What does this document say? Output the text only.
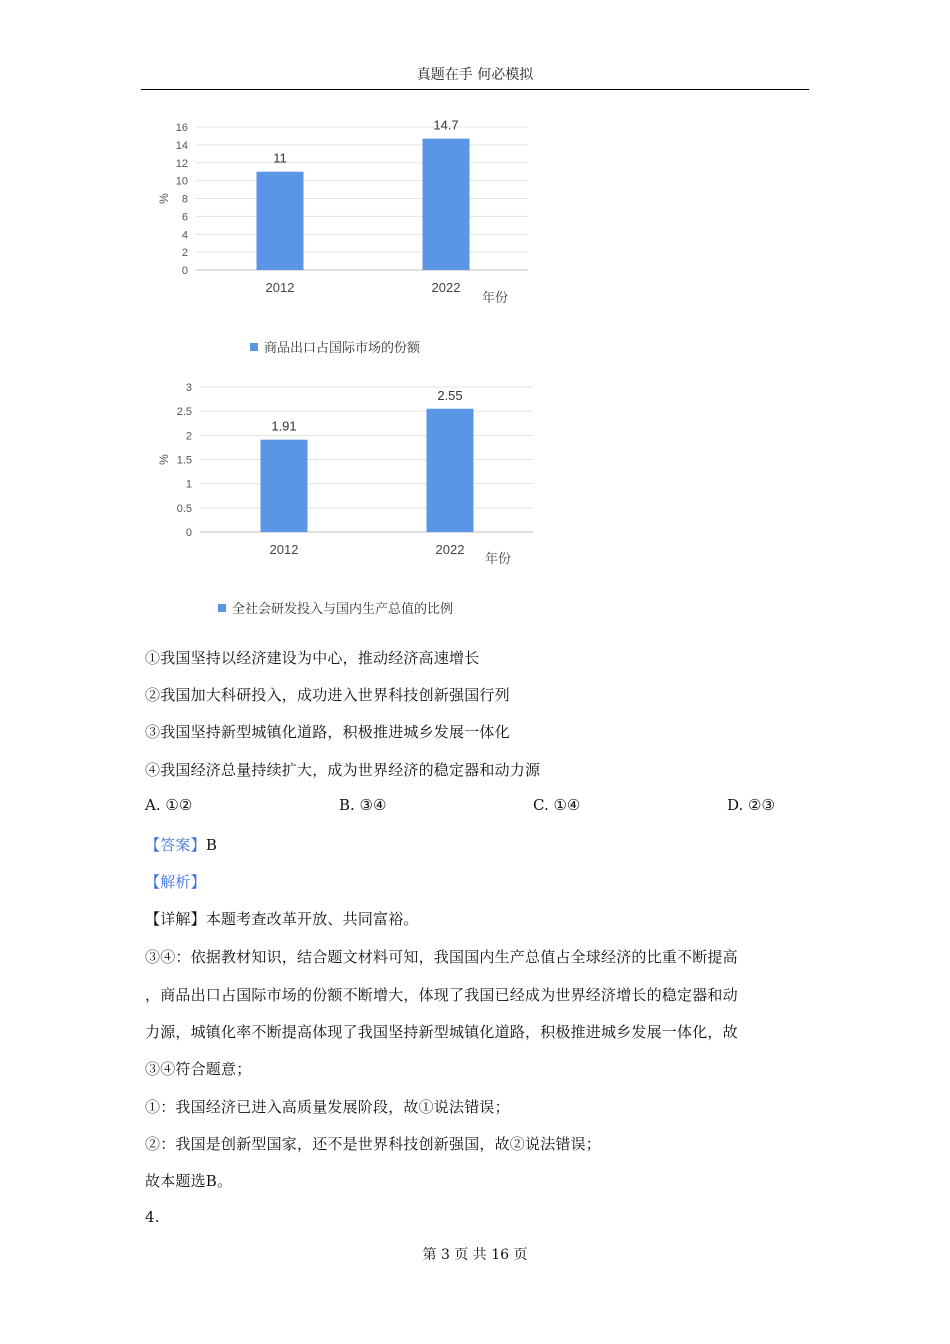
真题在手 何必模拟
0
2
4
6
8
10
12
14
16
%
11
2012
14.7
2022
年份
商品出口占国际市场的份额
0
0.5
1
1.5
2
2.5
3
%
1.91
2012
2.55
2022
年份
全社会研发投入与国内生产总值的比例
①我国坚持以经济建设为中心，推动经济高速增长
②我国加大科研投入，成功进入世界科技创新强国行列
③我国坚持新型城镇化道路，积极推进城乡发展一体化
④我国经济总量持续扩大，成为世界经济的稳定器和动力源
A. ①②	B. ③④	C. ①④	D. ②③
【答案】B
【解析】
【详解】本题考查改革开放、共同富裕。
③④：依据教材知识，结合题文材料可知，我国国内生产总值占全球经济的比重不断提高
，商品出口占国际市场的份额不断增大，体现了我国已经成为世界经济增长的稳定器和动
力源，城镇化率不断提高体现了我国坚持新型城镇化道路，积极推进城乡发展一体化，故
③④符合题意；
①：我国经济已进入高质量发展阶段，故①说法错误；
②：我国是创新型国家，还不是世界科技创新强国，故②说法错误；
故本题选B。
4.
第 3 页 共 16 页
